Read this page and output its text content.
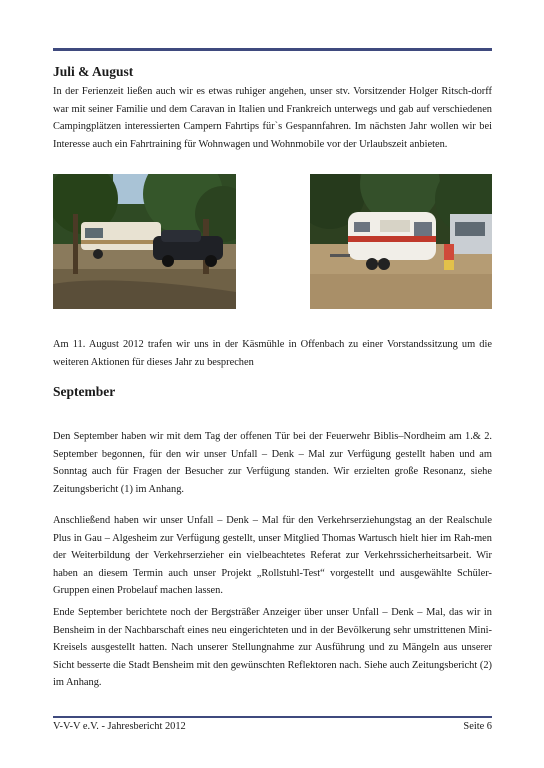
Juli & August

In der Ferienzeit ließen auch wir es etwas ruhiger angehen, unser stv. Vorsitzender Holger Ritsch-dorff war mit seiner Familie und dem Caravan in Italien und Frankreich unterwegs und gab auf verschiedenen Campingplätzen interessierten Campern Fahrtips für`s Gespannfahren. Im nächsten Jahr wollen wir bei Interesse auch ein Fahrtraining für Wohnwagen und Wohnmobile vor der Urlaubszeit anbieten.

Am 11. August 2012 trafen wir uns in der Käsmühle in Offenbach zu einer Vorstandssitzung um die weiteren Aktionen für dieses Jahr zu besprechen

September

Den September haben wir mit dem Tag der offenen Tür bei der Feuerwehr Biblis–Nordheim am 1.& 2. September begonnen, für den wir unser Unfall – Denk – Mal zur Verfügung gestellt haben und am Sonntag auch für Fragen der Besucher zur Verfügung standen. Wir erzielten große Resonanz, siehe Zeitungsbericht (1) im Anhang.

Anschließend haben wir unser Unfall – Denk – Mal für den Verkehrserziehungstag an der Realschule Plus in Gau – Algesheim zur Verfügung gestellt, unser Mitglied Thomas Wartusch hielt hier im Rah-men der Weiterbildung der Verkehrserzieher ein vielbeachtetes Referat zur Verkehrssicherheitsarbeit. Wir haben an diesem Termin auch unser Projekt „Rollstuhl-Test“ vorgestellt und ausgewählte Schüler-Gruppen einen Probelauf machen lassen.

Ende September berichtete noch der Bergsträßer Anzeiger über unser Unfall – Denk – Mal, das wir in Bensheim in der Nachbarschaft eines neu eingerichteten und in der Bevölkerung sehr umstrittenen Mini-Kreisels ausgestellt hatten. Nach unserer Stellungnahme zur Ausführung und zu Mängeln aus unserer Sicht besserte die Stadt Bensheim mit den gewünschten Reflektoren nach. Siehe auch Zeitungsbericht (2) im Anhang.

V-V-V e.V. - Jahresbericht 2012	Seite 6
